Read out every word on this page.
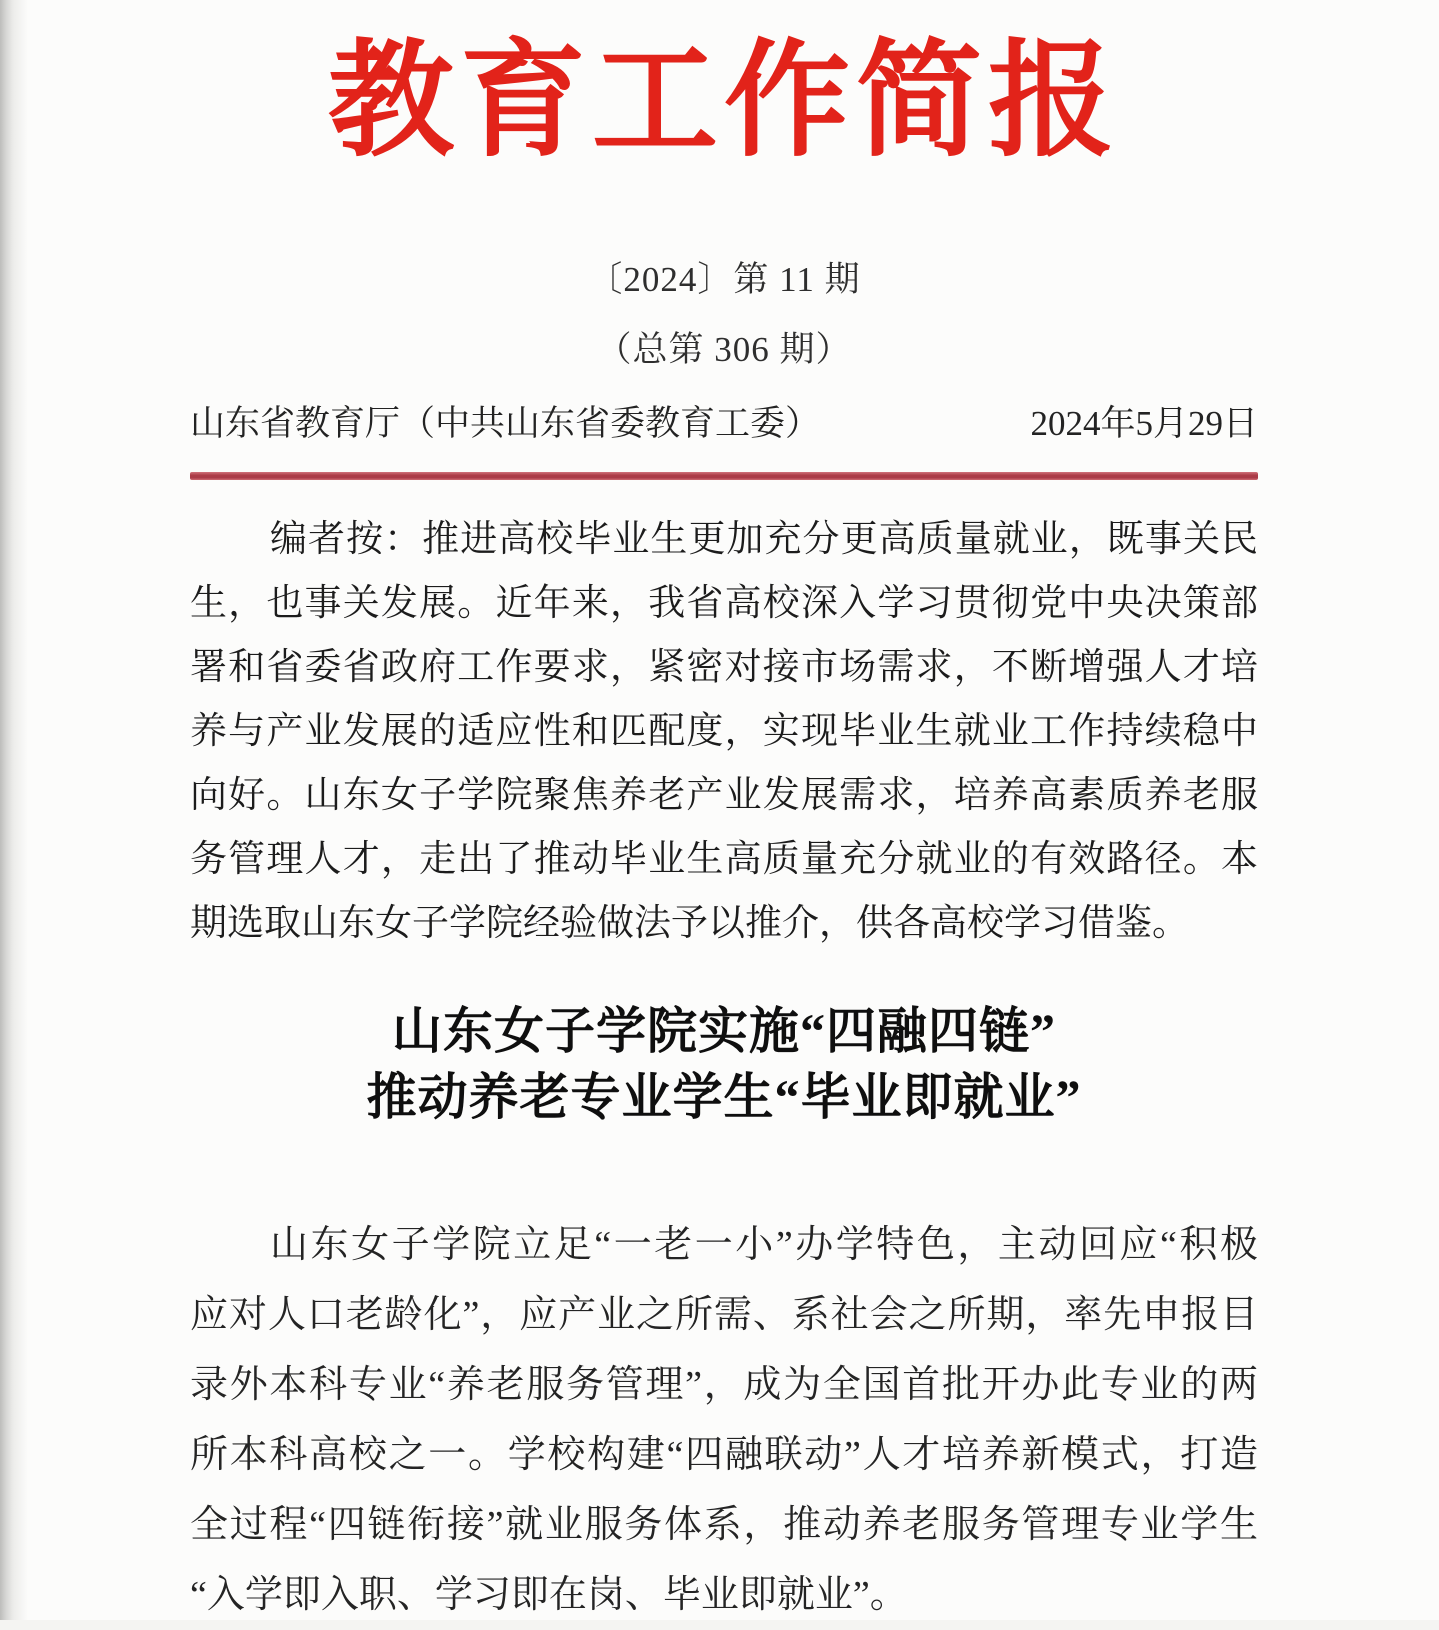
教育工作简报
〔2024〕第 11 期
（总第 306 期）
山东省教育厅（中共山东省委教育工委）	2024年5月29日
编者按：推进高校毕业生更加充分更高质量就业，既事关民
生，也事关发展。近年来，我省高校深入学习贯彻党中央决策部
署和省委省政府工作要求，紧密对接市场需求，不断增强人才培
养与产业发展的适应性和匹配度，实现毕业生就业工作持续稳中
向好。山东女子学院聚焦养老产业发展需求，培养高素质养老服
务管理人才，走出了推动毕业生高质量充分就业的有效路径。本
期选取山东女子学院经验做法予以推介，供各高校学习借鉴。
山东女子学院实施“四融四链”
推动养老专业学生“毕业即就业”
山东女子学院立足“一老一小”办学特色，主动回应“积极
应对人口老龄化”，应产业之所需、系社会之所期，率先申报目
录外本科专业“养老服务管理”，成为全国首批开办此专业的两
所本科高校之一。学校构建“四融联动”人才培养新模式，打造
全过程“四链衔接”就业服务体系，推动养老服务管理专业学生
“入学即入职、学习即在岗、毕业即就业”。
